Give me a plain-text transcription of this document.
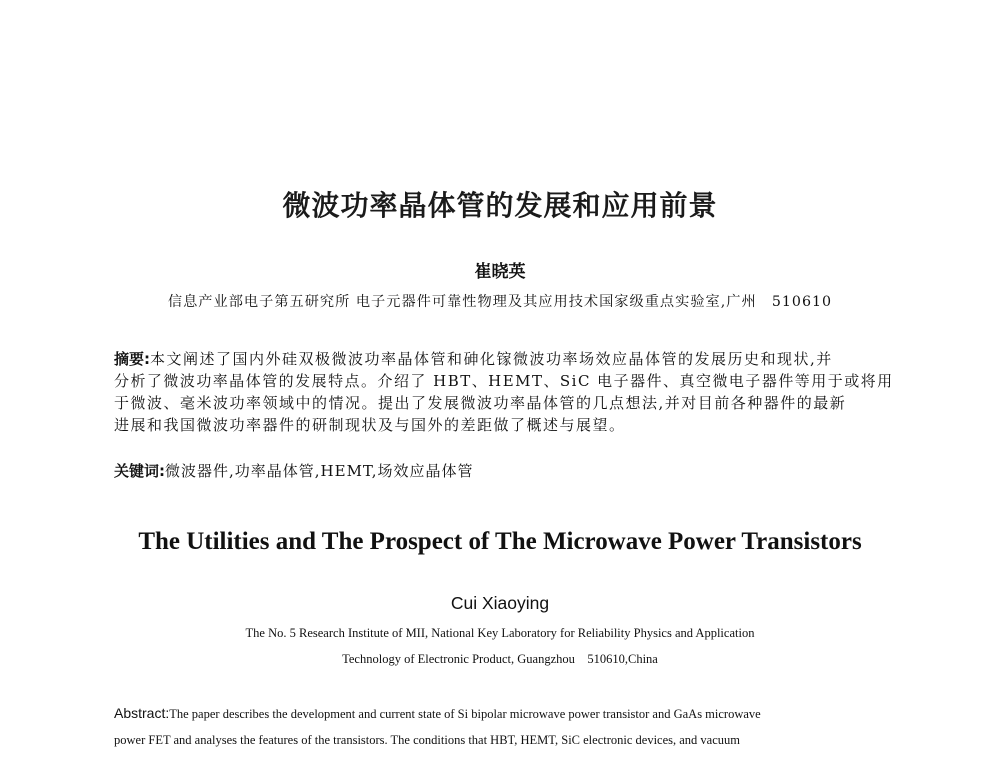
微波功率晶体管的发展和应用前景
崔晓英
信息产业部电子第五研究所 电子元器件可靠性物理及其应用技术国家级重点实验室,广州　510610
摘要:本文阐述了国内外硅双极微波功率晶体管和砷化镓微波功率场效应晶体管的发展历史和现状,并
分析了微波功率晶体管的发展特点。介绍了 HBT、HEMT、SiC 电子器件、真空微电子器件等用于或将用
于微波、毫米波功率领域中的情况。提出了发展微波功率晶体管的几点想法,并对目前各种器件的最新
进展和我国微波功率器件的研制现状及与国外的差距做了概述与展望。
关键词:微波器件,功率晶体管,HEMT,场效应晶体管
The Utilities and The Prospect of The Microwave Power Transistors
Cui Xiaoying
The No. 5 Research Institute of MII, National Key Laboratory for Reliability Physics and Application
Technology of Electronic Product, Guangzhou　510610,China
Abstract:The paper describes the development and current state of Si bipolar microwave power transistor and GaAs microwave
power FET and analyses the features of the transistors. The conditions that HBT, HEMT, SiC electronic devices, and vacuum
